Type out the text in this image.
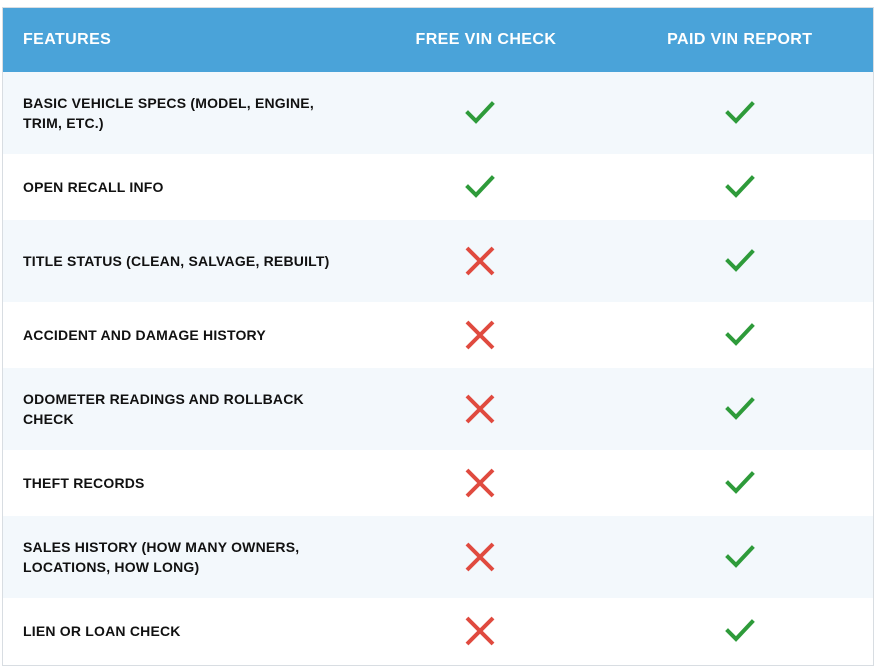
FEATURES	FREE VIN CHECK	PAID VIN REPORT
BASIC VEHICLE SPECS (MODEL, ENGINE, TRIM, ETC.)
OPEN RECALL INFO
TITLE STATUS (CLEAN, SALVAGE, REBUILT)
ACCIDENT AND DAMAGE HISTORY
ODOMETER READINGS AND ROLLBACK CHECK
THEFT RECORDS
SALES HISTORY (HOW MANY OWNERS, LOCATIONS, HOW LONG)
LIEN OR LOAN CHECK
